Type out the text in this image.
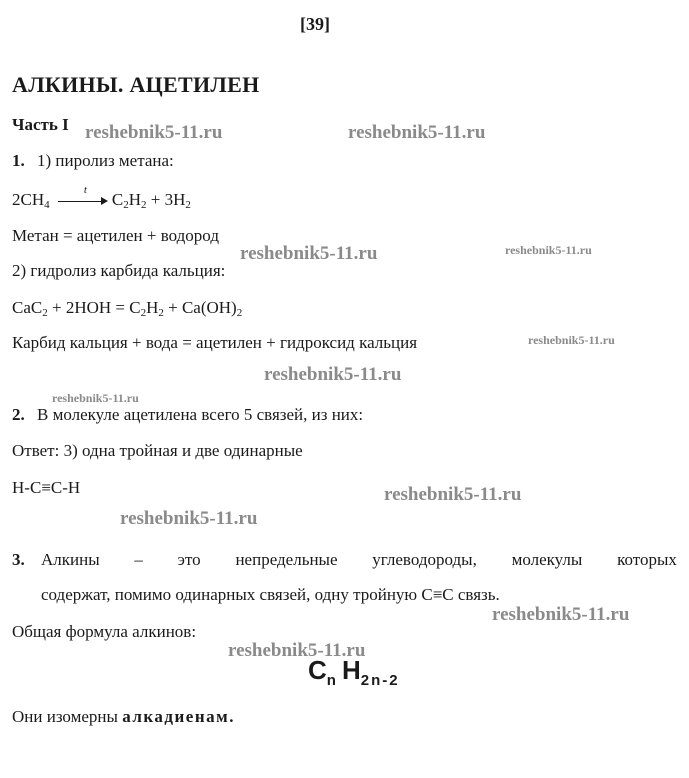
[39]
АЛКИНЫ. АЦЕТИЛЕН
Часть I reshebnik5-11.ru	reshebnik5-11.ru
reshebnik5-11.ru	reshebnik5-11.ru
reshebnik5-11.ru
reshebnik5-11.ru
reshebnik5-11.ru
reshebnik5-11.ru
reshebnik5-11.ru
reshebnik5-11.ru
reshebnik5-11.ru
1. 1) пиролиз метана:
$2CH_4$
t $C_2H_2 + 3H_2$
Метан = ацетилен + водород
2) гидролиз карбида кальция:
$CaC_2 + 2HOH = C_2H_2 + Ca(OH)_2$
Карбид кальция + вода = ацетилен + гидроксид кальция
2. В молекуле ацетилена всего 5 связей, из них:
Ответ: 3) одна тройная и две одинарные
H-C≡C-H
3. Алкины – это непредельные углеводороды, молекулы которых
содержат, помимо одинарных связей, одну тройную C≡C связь.
Общая формула алкинов:
Cn H2n-2
Они изомерны алкадиенам.
